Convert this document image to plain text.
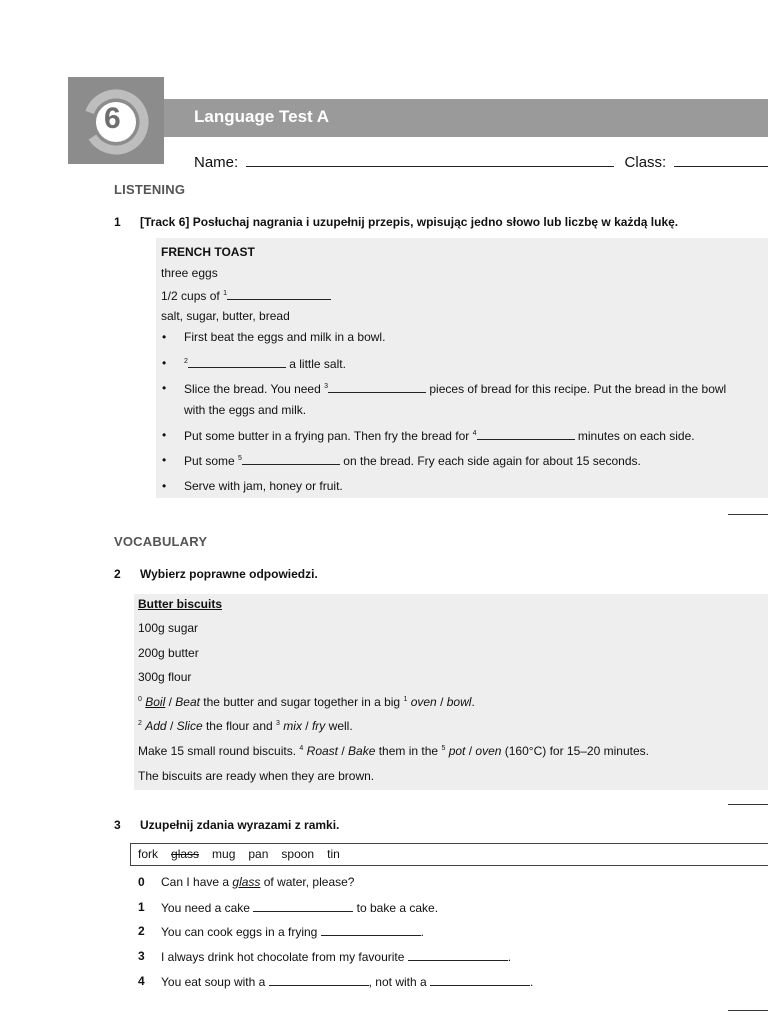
6	Language Test A
Name:	Class:
LISTENING
1 [Track 6] Posłuchaj nagrania i uzupełnij przepis, wpisując jedno słowo lub liczbę w każdą lukę.
FRENCH TOAST
three eggs
1/2 cups of $^1$
salt, sugar, butter, bread
• First beat the eggs and milk in a bowl.
•	$^2$	a little salt.
• Slice the bread. You need $^3$	pieces of bread for this recipe. Put the bread in the bowl
with the eggs and milk.
• Put some butter in a frying pan. Then fry the bread for $^4$	minutes on each side.
• Put some $^5$	on the bread. Fry each side again for about 15 seconds.
• Serve with jam, honey or fruit.
VOCABULARY
2 Wybierz poprawne odpowiedzi.
Butter biscuits
100g sugar
200g butter
300g flour
$^0$ Boil / Beat the butter and sugar together in a big $^1$ oven / bowl.
$^2$ Add / Slice the flour and $^3$ mix / fry well.
Make 15 small round biscuits. $^4$ Roast / Bake them in the $^5$ pot / oven (160°C) for 15–20 minutes.
The biscuits are ready when they are brown.
3 Uzupełnij zdania wyrazami z ramki.
fork glass mug pan spoon tin
0 Can I have a glass of water, please?
1 You need a cake	to bake a cake.
2 You can cook eggs in a frying	.
3 I always drink hot chocolate from my favourite	.
4 You eat soup with a	, not with a	.
